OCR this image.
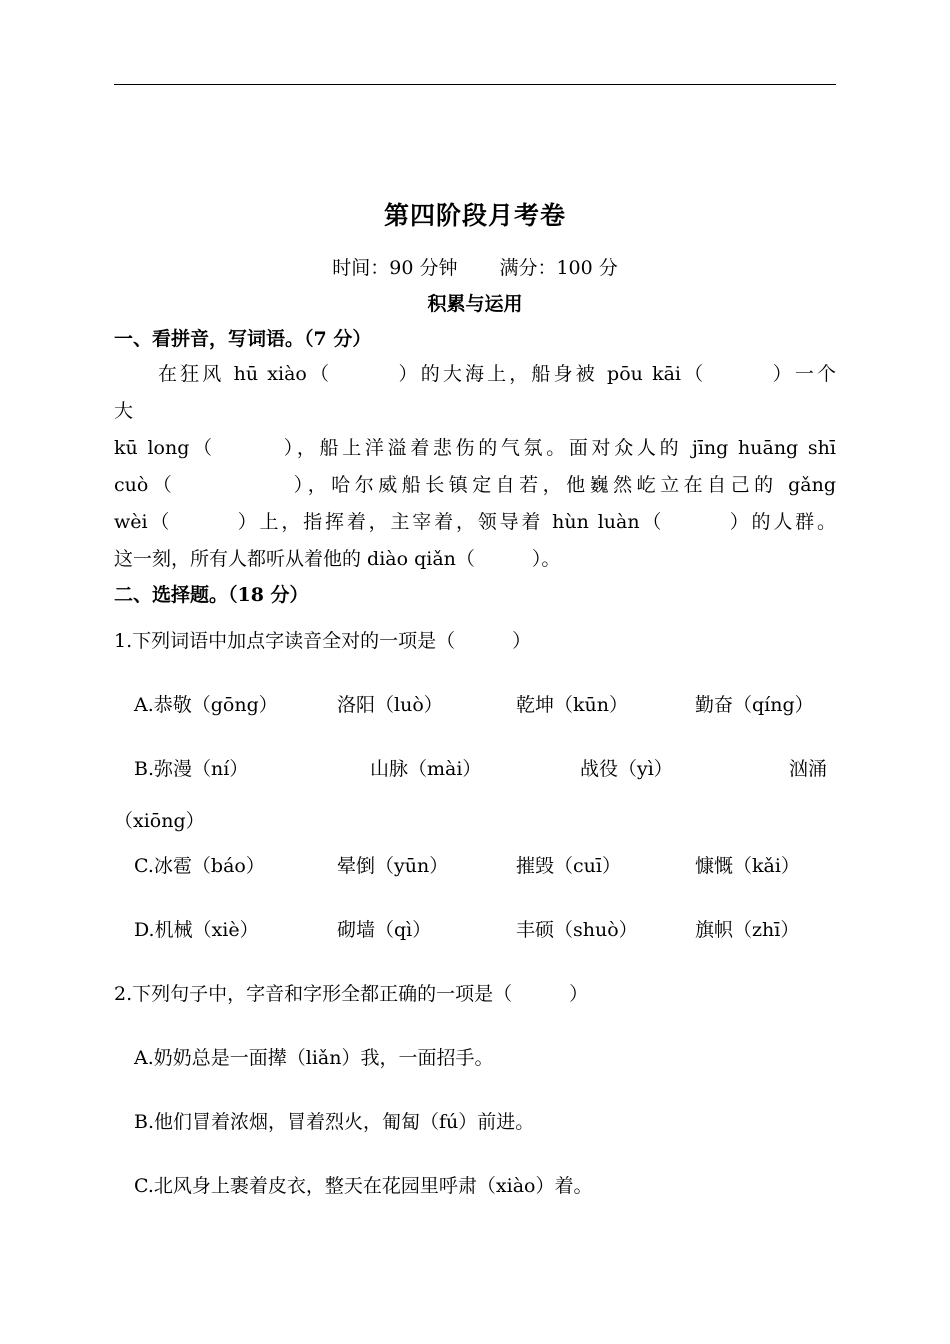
第四阶段月考卷
时间：90 分钟 满分：100 分
积累与运用
一、看拼音，写词语。（7 分）
在狂风 hū xiào（　　　）的大海上，船身被 pōu kāi（　　　）一个
大
kū long（　　　），船上洋溢着悲伤的气氛。面对众人的 jīng huāng shī
cuò（　　　　　），哈尔威船长镇定自若，他巍然屹立在自己的 gǎng
wèi（　　　）上，指挥着，主宰着，领导着 hùn luàn（　　　）的人群。
这一刻，所有人都听从着他的 diào qiǎn（　　　）。
二、选择题。（18 分）
1.下列词语中加点字读音全对的一项是（　　　）
A.恭敬（gōng）	洛阳（luò）	乾坤（kūn）	勤奋（qíng）
B.弥漫（ní）	山脉（mài）	战役（yì）	汹涌
（xiōng）
C.冰雹（báo）	晕倒（yūn）	摧毁（cuī）	慷慨（kǎi）
D.机械（xiè）	砌墙（qì）	丰硕（shuò）	旗帜（zhī）
2.下列句子中，字音和字形全都正确的一项是（　　　）
A.奶奶总是一面撵（liǎn）我，一面招手。
B.他们冒着浓烟，冒着烈火，匍匐（fú）前进。
C.北风身上裹着皮衣，整天在花园里呼肃（xiào）着。
